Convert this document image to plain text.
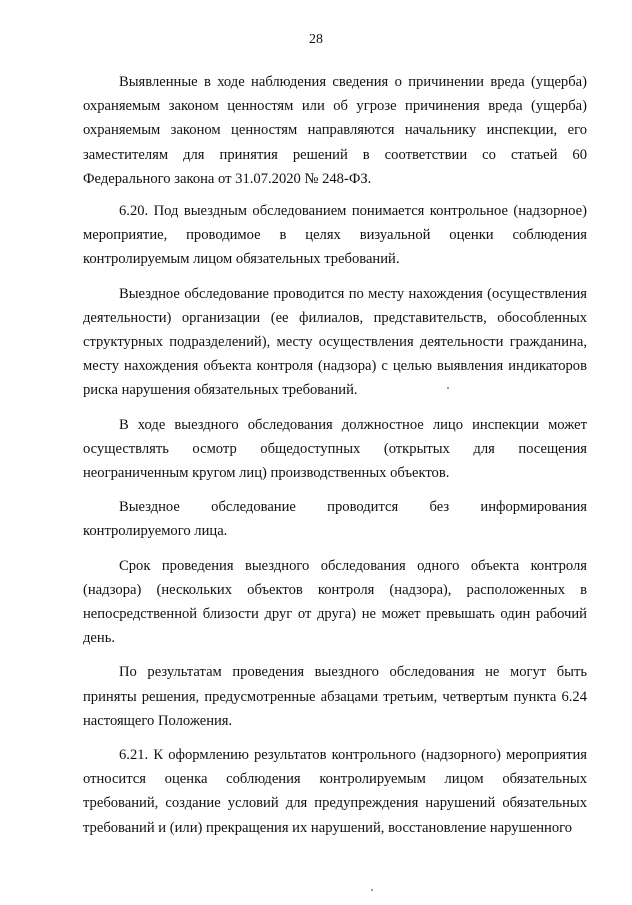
28

Выявленные в ходе наблюдения сведения о причинении вреда (ущерба) охраняемым законом ценностям или об угрозе причинения вреда (ущерба) охраняемым законом ценностям направляются начальнику инспекции, его заместителям для принятия решений в соответствии со статьей 60 Федерального закона от 31.07.2020 № 248-ФЗ.

6.20. Под выездным обследованием понимается контрольное (надзорное) мероприятие, проводимое в целях визуальной оценки соблюдения контролируемым лицом обязательных требований.

Выездное обследование проводится по месту нахождения (осуществления деятельности) организации (ее филиалов, представительств, обособленных структурных подразделений), месту осуществления деятельности гражданина, месту нахождения объекта контроля (надзора) с целью выявления индикаторов риска нарушения обязательных требований.

В ходе выездного обследования должностное лицо инспекции может осуществлять осмотр общедоступных (открытых для посещения неограниченным кругом лиц) производственных объектов.

Выездное обследование проводится без информирования контролируемого лица.

Срок проведения выездного обследования одного объекта контроля (надзора) (нескольких объектов контроля (надзора), расположенных в непосредственной близости друг от друга) не может превышать один рабочий день.

По результатам проведения выездного обследования не могут быть приняты решения, предусмотренные абзацами третьим, четвертым пункта 6.24 настоящего Положения.

6.21. К оформлению результатов контрольного (надзорного) мероприятия относится оценка соблюдения контролируемым лицом обязательных требований, создание условий для предупреждения нарушений обязательных требований и (или) прекращения их нарушений, восстановление нарушенного
